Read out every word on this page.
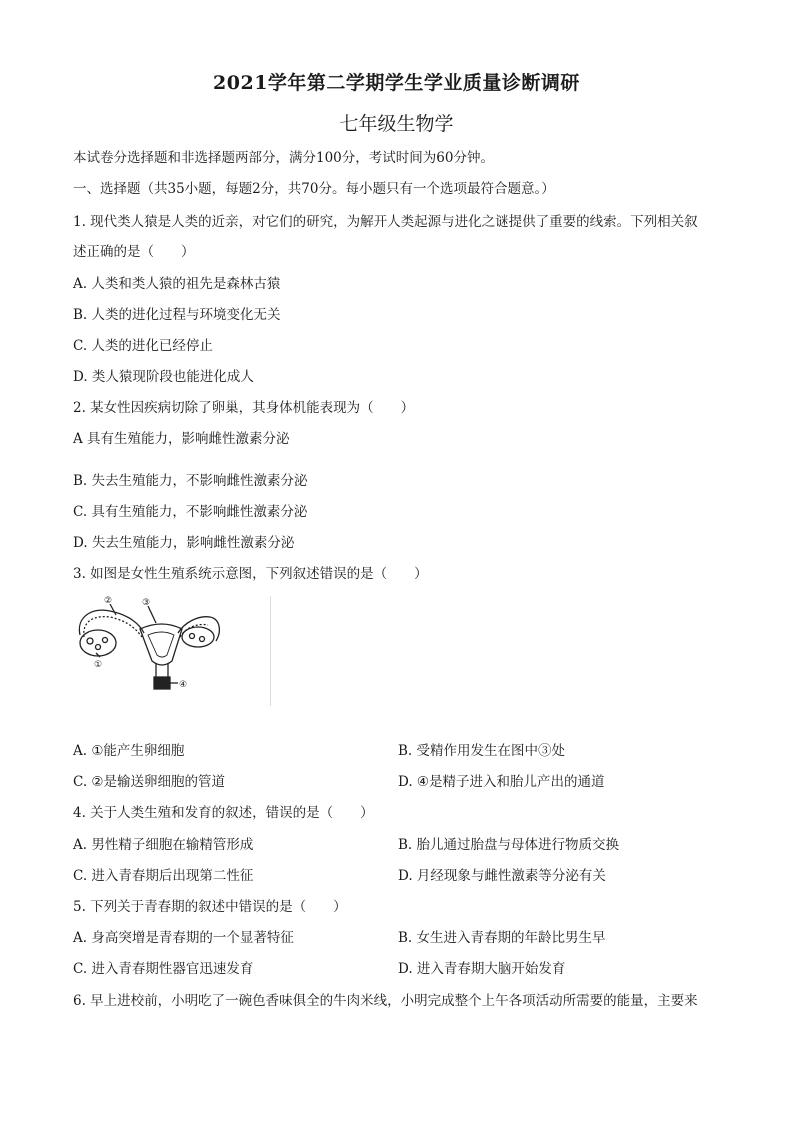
2021学年第二学期学生学业质量诊断调研
七年级生物学
本试卷分选择题和非选择题两部分，满分100分，考试时间为60分钟。
一、选择题（共35小题，每题2分，共70分。每小题只有一个选项最符合题意。）
1. 现代类人猿是人类的近亲，对它们的研究，为解开人类起源与进化之谜提供了重要的线索。下列相关叙
述正确的是（　　）
A. 人类和类人猿的祖先是森林古猿
B. 人类的进化过程与环境变化无关
C. 人类的进化已经停止
D. 类人猿现阶段也能进化成人
2. 某女性因疾病切除了卵巢，其身体机能表现为（　　）
A 具有生殖能力，影响雌性激素分泌
B. 失去生殖能力，不影响雌性激素分泌
C. 具有生殖能力，不影响雌性激素分泌
D. 失去生殖能力，影响雌性激素分泌
3. 如图是女性生殖系统示意图，下列叙述错误的是（　　）
②	③
①
④
A. ①能产生卵细胞	B. 受精作用发生在图中③处
C. ②是输送卵细胞的管道	D. ④是精子进入和胎儿产出的通道
4. 关于人类生殖和发育的叙述，错误的是（　　）
A. 男性精子细胞在输精管形成	B. 胎儿通过胎盘与母体进行物质交换
C. 进入青春期后出现第二性征	D. 月经现象与雌性激素等分泌有关
5. 下列关于青春期的叙述中错误的是（　　）
A. 身高突增是青春期的一个显著特征	B. 女生进入青春期的年龄比男生早
C. 进入青春期性器官迅速发育	D. 进入青春期大脑开始发育
6. 早上进校前，小明吃了一碗色香味俱全的牛肉米线，小明完成整个上午各项活动所需要的能量，主要来
